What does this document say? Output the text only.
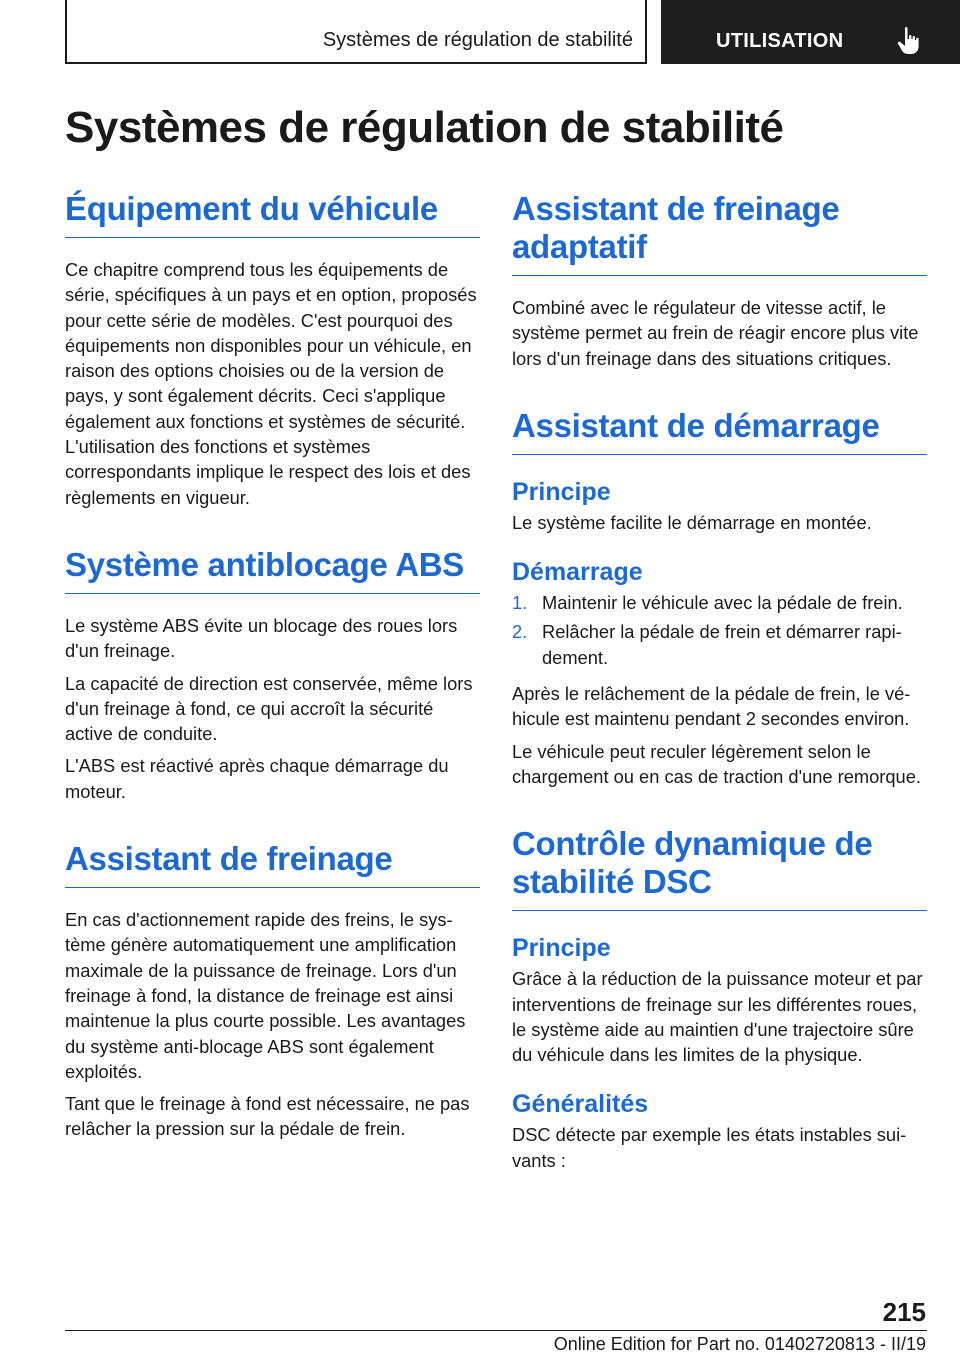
Systèmes de régulation de stabilité	UTILISATION
Systèmes de régulation de stabilité
Équipement du véhicule

Ce chapitre comprend tous les équipements de série, spécifiques à un pays et en option, proposés pour cette série de modèles. C'est pourquoi des équipements non disponibles pour un véhicule, en raison des options choisies ou de la version de pays, y sont également décrits. Ceci s'applique également aux fonctions et systèmes de sécurité. L'utilisation des fonctions et systèmes correspondants implique le respect des lois et des règlements en vigueur.

Système antiblocage ABS

Le système ABS évite un blocage des roues lors d'un freinage.

La capacité de direction est conservée, même lors d'un freinage à fond, ce qui accroît la sécurité active de conduite.

L'ABS est réactivé après chaque démarrage du moteur.

Assistant de freinage

En cas d'actionnement rapide des freins, le système génère automatiquement une amplification maximale de la puissance de freinage. Lors d'un freinage à fond, la distance de freinage est ainsi maintenue la plus courte possible. Les avantages du système anti-blocage ABS sont également exploités.

Tant que le freinage à fond est nécessaire, ne pas relâcher la pression sur la pédale de frein.

Assistant de freinage adaptatif

Combiné avec le régulateur de vitesse actif, le système permet au frein de réagir encore plus vite lors d'un freinage dans des situations critiques.

Assistant de démarrage
Principe

Le système facilite le démarrage en montée.

Démarrage
1. Maintenir le véhicule avec la pédale de frein.
2. Relâcher la pédale de frein et démarrer rapidement.

Après le relâchement de la pédale de frein, le véhicule est maintenu pendant 2 secondes environ.

Le véhicule peut reculer légèrement selon le chargement ou en cas de traction d'une remorque.

Contrôle dynamique de stabilité DSC
Principe

Grâce à la réduction de la puissance moteur et par interventions de freinage sur les différentes roues, le système aide au maintien d'une trajectoire sûre du véhicule dans les limites de la physique.

Généralités

DSC détecte par exemple les états instables suivants :

215
Online Edition for Part no. 01402720813 - II/19
